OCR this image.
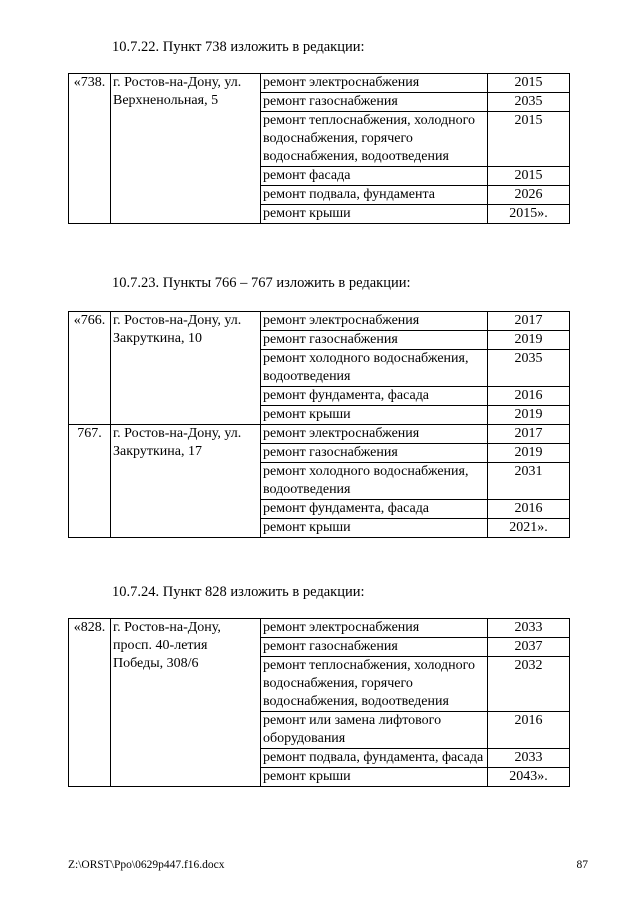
10.7.22. Пункт 738 изложить в редакции:
«738.	г. Ростов-на-Дону, ул. Верхненольная, 5	ремонт электроснабжения	2015
		ремонт газоснабжения	2035
		ремонт теплоснабжения, холодного водоснабжения, горячего водоснабжения, водоотведения	2015
		ремонт фасада	2015
		ремонт подвала, фундамента	2026
		ремонт крыши	2015».
10.7.23. Пункты 766 – 767 изложить в редакции:
«766.	г. Ростов-на-Дону, ул. Закруткина, 10	ремонт электроснабжения	2017
		ремонт газоснабжения	2019
		ремонт холодного водоснабжения, водоотведения	2035
		ремонт фундамента, фасада	2016
		ремонт крыши	2019
767.	г. Ростов-на-Дону, ул. Закруткина, 17	ремонт электроснабжения	2017
		ремонт газоснабжения	2019
		ремонт холодного водоснабжения, водоотведения	2031
		ремонт фундамента, фасада	2016
		ремонт крыши	2021».
10.7.24. Пункт 828 изложить в редакции:
«828.	г. Ростов-на-Дону, просп. 40-летия Победы, 308/6	ремонт электроснабжения	2033
		ремонт газоснабжения	2037
		ремонт теплоснабжения, холодного водоснабжения, горячего водоснабжения, водоотведения	2032
		ремонт или замена лифтового оборудования	2016
		ремонт подвала, фундамента, фасада	2033
		ремонт крыши	2043».
Z:\ORST\Ppo\0629p447.f16.docx	87
